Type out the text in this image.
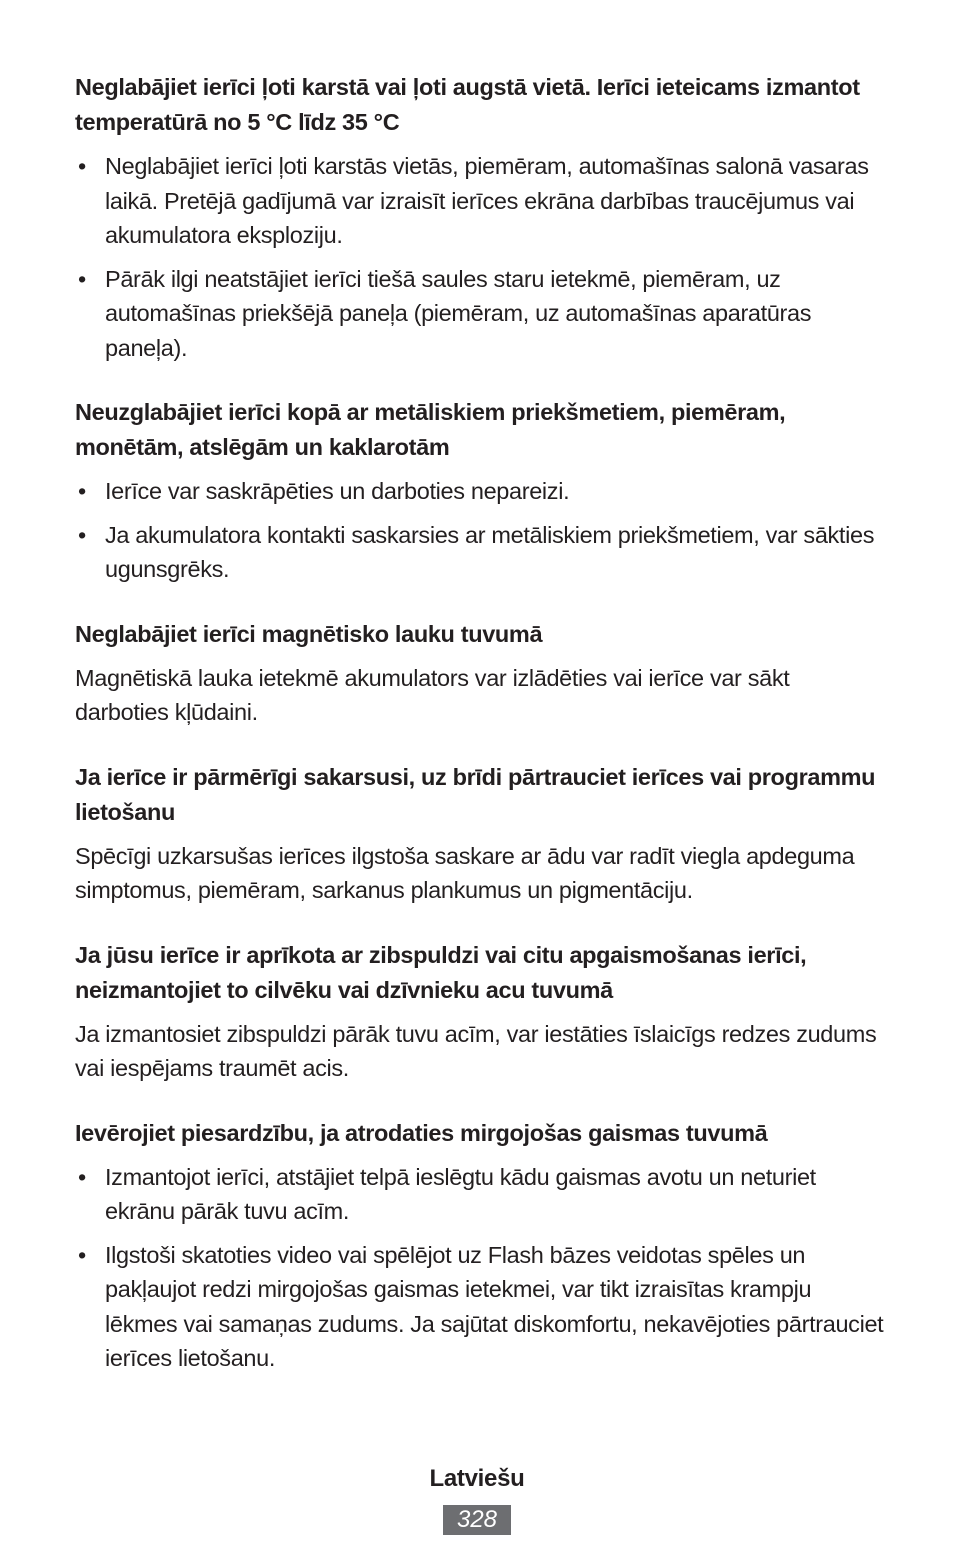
Neglabājiet ierīci ļoti karstā vai ļoti augstā vietā. Ierīci ieteicams izmantot temperatūrā no 5 °C līdz 35 °C
• Neglabājiet ierīci ļoti karstās vietās, piemēram, automašīnas salonā vasaras laikā. Pretējā gadījumā var izraisīt ierīces ekrāna darbības traucējumus vai akumulatora eksploziju.
• Pārāk ilgi neatstājiet ierīci tiešā saules staru ietekmē, piemēram, uz automašīnas priekšējā paneļa (piemēram, uz automašīnas aparatūras paneļa).
Neuzglabājiet ierīci kopā ar metāliskiem priekšmetiem, piemēram, monētām, atslēgām un kaklarotām
• Ierīce var saskrāpēties un darboties nepareizi.
• Ja akumulatora kontakti saskarsies ar metāliskiem priekšmetiem, var sākties ugunsgrēks.
Neglabājiet ierīci magnētisko lauku tuvumā

Magnētiskā lauka ietekmē akumulators var izlādēties vai ierīce var sākt darboties kļūdaini.

Ja ierīce ir pārmērīgi sakarsusi, uz brīdi pārtrauciet ierīces vai programmu lietošanu

Spēcīgi uzkarsušas ierīces ilgstoša saskare ar ādu var radīt viegla apdeguma simptomus, piemēram, sarkanus plankumus un pigmentāciju.

Ja jūsu ierīce ir aprīkota ar zibspuldzi vai citu apgaismošanas ierīci, neizmantojiet to cilvēku vai dzīvnieku acu tuvumā

Ja izmantosiet zibspuldzi pārāk tuvu acīm, var iestāties īslaicīgs redzes zudums vai iespējams traumēt acis.

Ievērojiet piesardzību, ja atrodaties mirgojošas gaismas tuvumā
• Izmantojot ierīci, atstājiet telpā ieslēgtu kādu gaismas avotu un neturiet ekrānu pārāk tuvu acīm.
• Ilgstoši skatoties video vai spēlējot uz Flash bāzes veidotas spēles un pakļaujot redzi mirgojošas gaismas ietekmei, var tikt izraisītas krampju lēkmes vai samaņas zudums. Ja sajūtat diskomfortu, nekavējoties pārtrauciet ierīces lietošanu.
Latviešu
328
